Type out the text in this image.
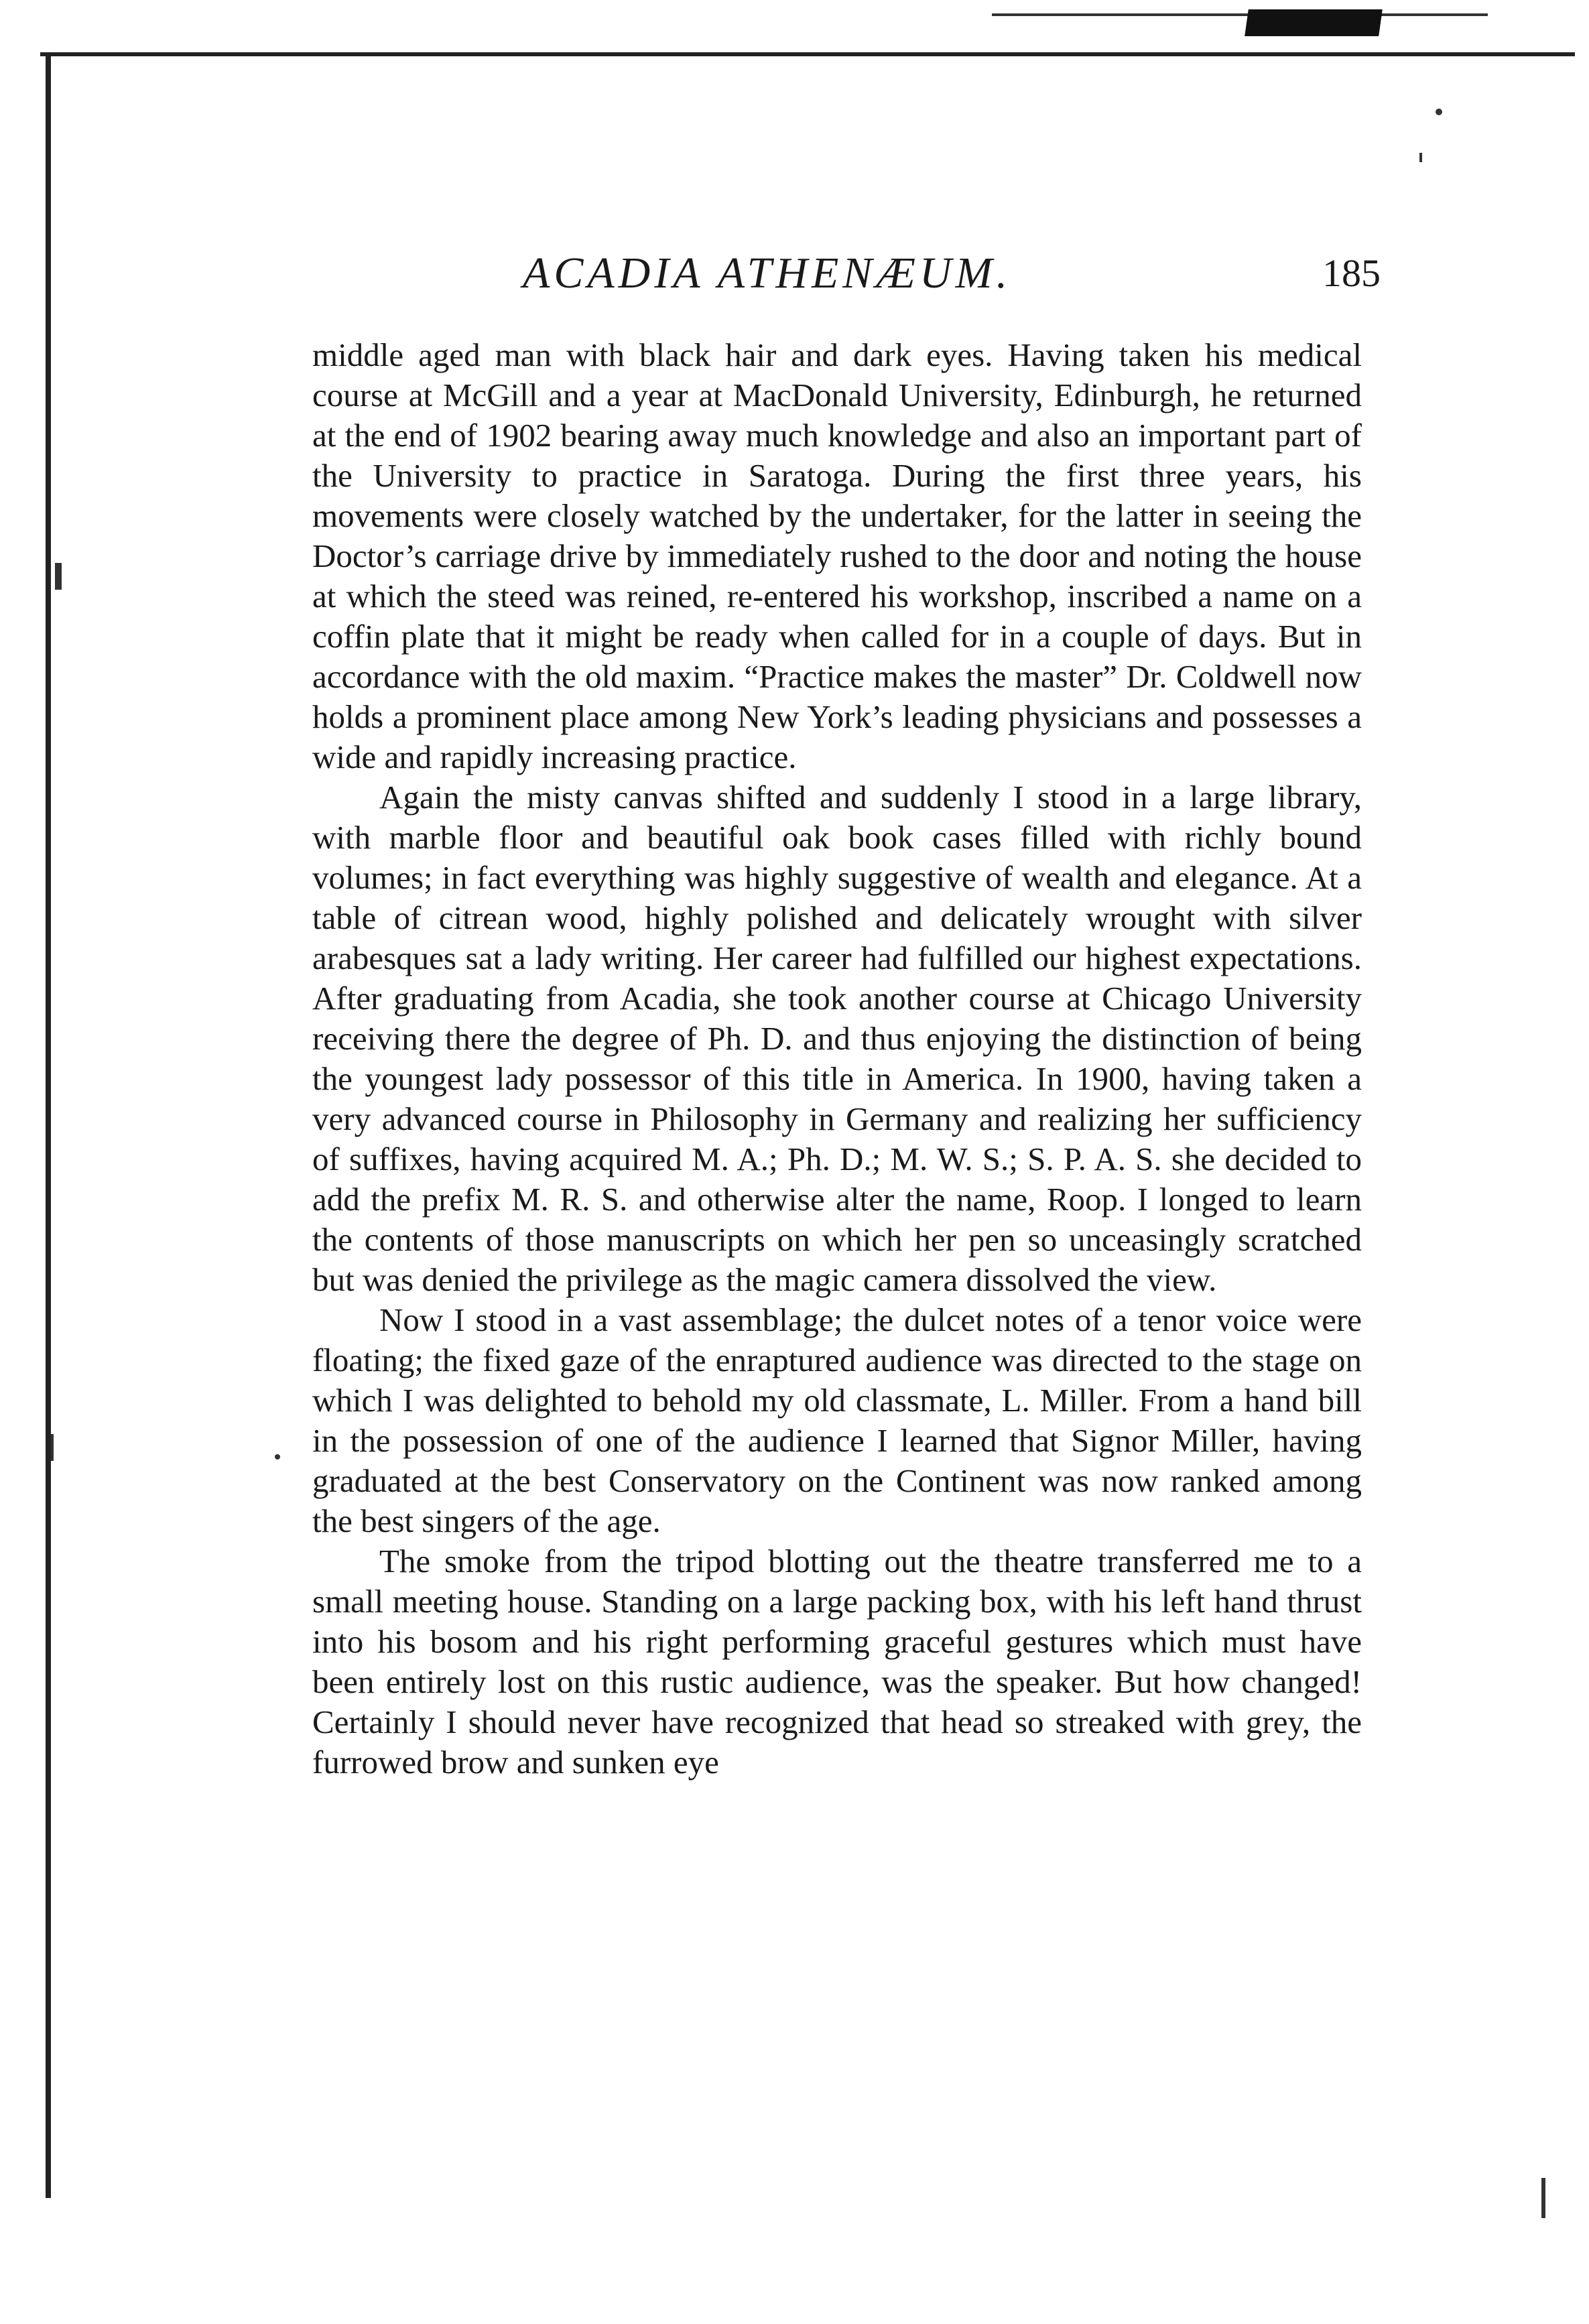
ACADIA ATHENÆUM.	185

middle aged man with black hair and dark eyes. Having taken his medical course at McGill and a year at MacDonald University, Edinburgh, he returned at the end of 1902 bearing away much knowledge and also an important part of the University to practice in Saratoga. During the first three years, his movements were closely watched by the undertaker, for the latter in seeing the Doctor’s carriage drive by immediately rushed to the door and noting the house at which the steed was reined, re-entered his workshop, inscribed a name on a coffin plate that it might be ready when called for in a couple of days. But in accordance with the old maxim. “Practice makes the master” Dr. Coldwell now holds a prominent place among New York’s leading physicians and possesses a wide and rapidly increasing practice.

Again the misty canvas shifted and suddenly I stood in a large library, with marble floor and beautiful oak book cases filled with richly bound volumes; in fact everything was highly suggestive of wealth and elegance. At a table of citrean wood, highly polished and delicately wrought with silver arabesques sat a lady writing. Her career had fulfilled our highest expectations. After graduating from Acadia, she took another course at Chicago University receiving there the degree of Ph. D. and thus enjoying the distinction of being the youngest lady possessor of this title in America. In 1900, having taken a very advanced course in Philosophy in Germany and realizing her sufficiency of suffixes, having acquired M. A.; Ph. D.; M. W. S.; S. P. A. S. she decided to add the prefix M. R. S. and otherwise alter the name, Roop. I longed to learn the contents of those manuscripts on which her pen so unceasingly scratched but was denied the privilege as the magic camera dissolved the view.

Now I stood in a vast assemblage; the dulcet notes of a tenor voice were floating; the fixed gaze of the enraptured audience was directed to the stage on which I was delighted to behold my old classmate, L. Miller. From a hand bill in the possession of one of the audience I learned that Signor Miller, having graduated at the best Conservatory on the Continent was now ranked among the best singers of the age.

The smoke from the tripod blotting out the theatre transferred me to a small meeting house. Standing on a large packing box, with his left hand thrust into his bosom and his right performing graceful gestures which must have been entirely lost on this rustic audience, was the speaker. But how changed! Certainly I should never have recognized that head so streaked with grey, the furrowed brow and sunken eye
